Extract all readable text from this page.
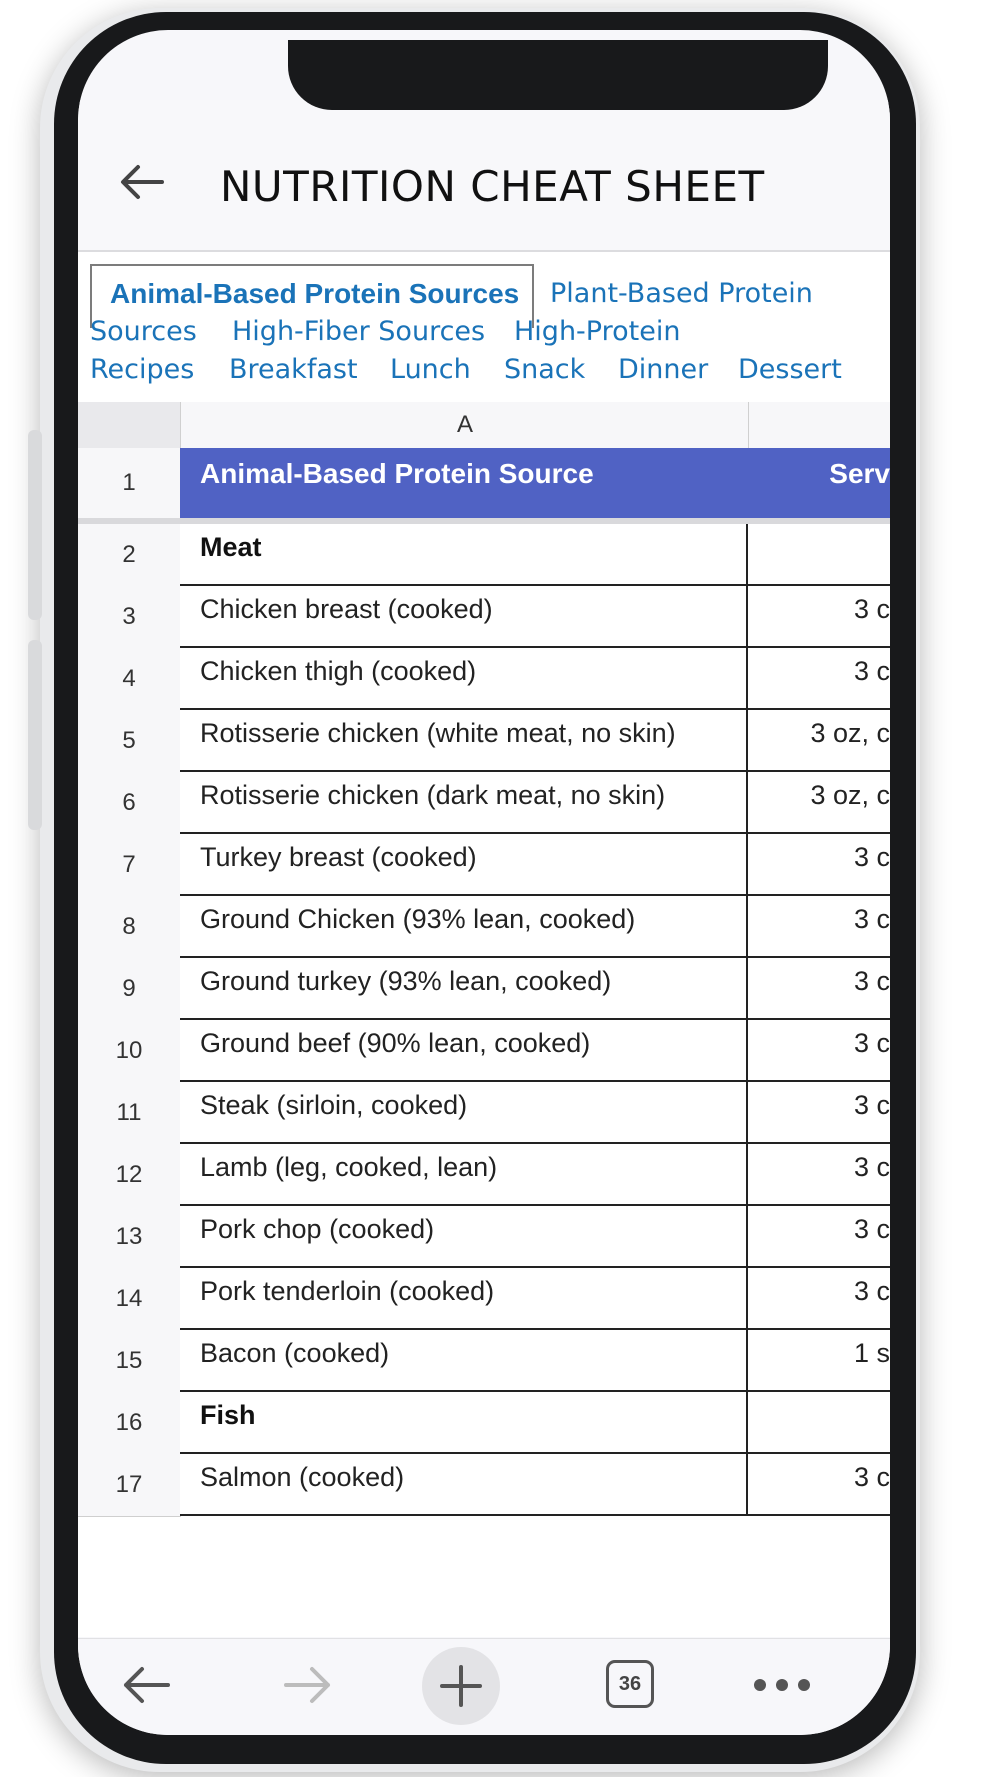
NUTRITION CHEAT SHEET
Animal-Based Protein Sources Plant-Based Protein
Sources High-Fiber Sources High-Protein
Recipes Breakfast Lunch Snack Dinner Dessert
A
1	Animal-Based Protein Source	Serv
2	Meat
3	Chicken breast (cooked)	3 c
4	Chicken thigh (cooked)	3 c
5	Rotisserie chicken (white meat, no skin)	3 oz, c
6	Rotisserie chicken (dark meat, no skin)	3 oz, c
7	Turkey breast (cooked)	3 c
8	Ground Chicken (93% lean, cooked)	3 c
9	Ground turkey (93% lean, cooked)	3 c
10	Ground beef (90% lean, cooked)	3 c
11	Steak (sirloin, cooked)	3 c
12	Lamb (leg, cooked, lean)	3 c
13	Pork chop (cooked)	3 c
14	Pork tenderloin (cooked)	3 c
15	Bacon (cooked)	1 s
16	Fish
17	Salmon (cooked)	3 c
36
